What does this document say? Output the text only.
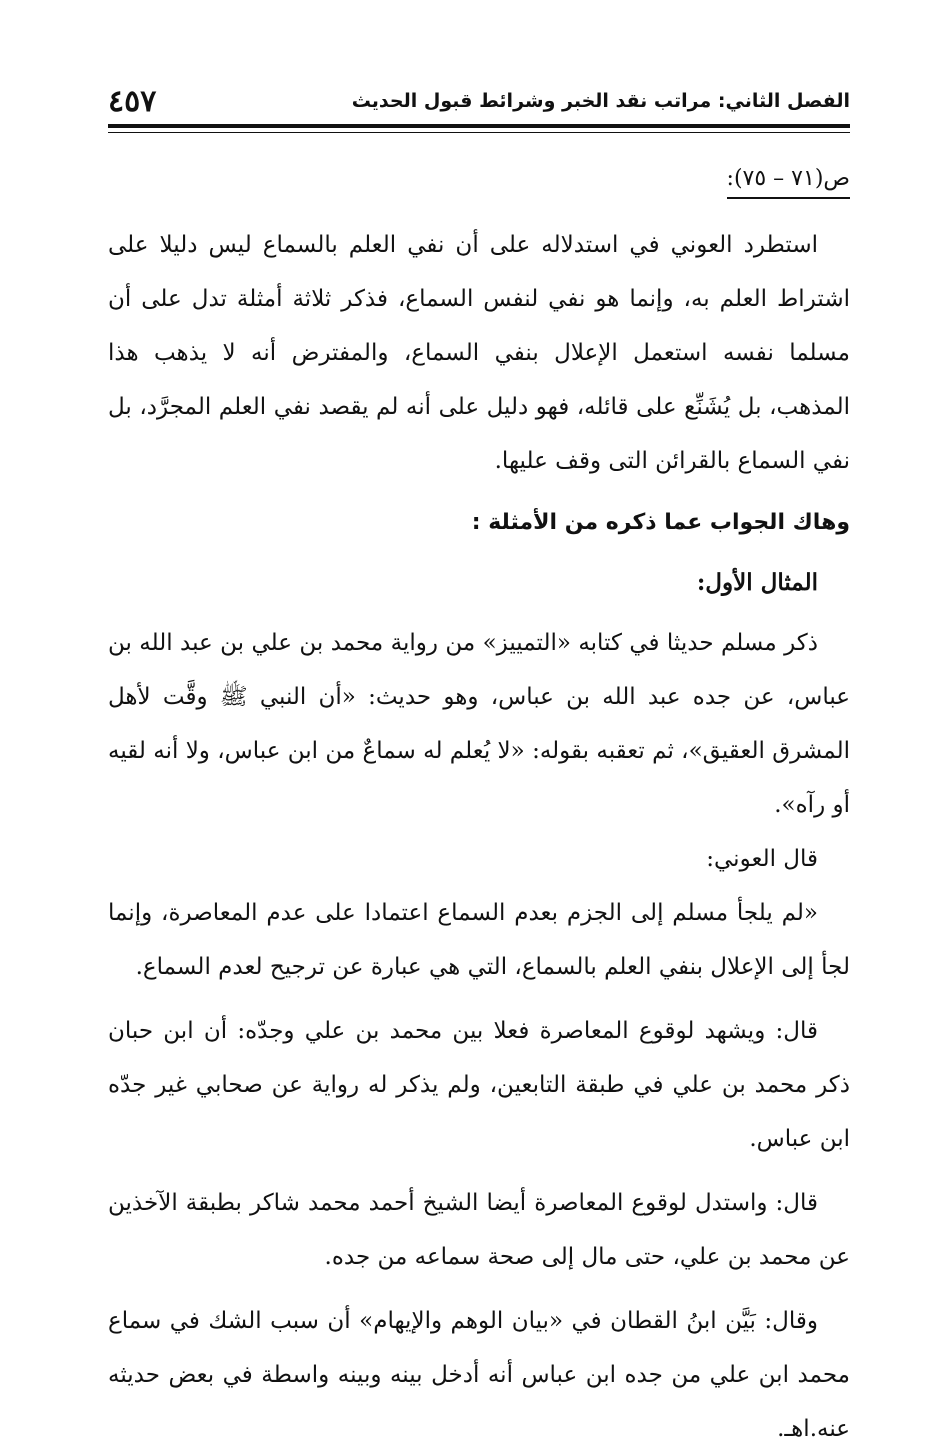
الفصل الثاني: مراتب نقد الخبر وشرائط قبول الحديث
٤٥٧
ص(٧١ – ٧٥):

استطرد العوني في استدلاله على أن نفي العلم بالسماع ليس دليلا على اشتراط العلم به، وإنما هو نفي لنفس السماع، فذكر ثلاثة أمثلة تدل على أن مسلما نفسه استعمل الإعلال بنفي السماع، والمفترض أنه لا يذهب هذا المذهب، بل يُشَنِّع على قائله، فهو دليل على أنه لم يقصد نفي العلم المجرَّد، بل نفي السماع بالقرائن التى وقف عليها.

وهاك الجواب عما ذكره من الأمثلة :

المثال الأول:

ذكر مسلم حديثا في كتابه «التمييز» من رواية محمد بن علي بن عبد الله بن عباس، عن جده عبد الله بن عباس، وهو حديث: «أن النبي ﷺ وقَّت لأهل المشرق العقيق»، ثم تعقبه بقوله: «لا يُعلم له سماعٌ من ابن عباس، ولا أنه لقيه أو رآه».

قال العوني:

«لم يلجأ مسلم إلى الجزم بعدم السماع اعتمادا على عدم المعاصرة، وإنما لجأ إلى الإعلال بنفي العلم بالسماع، التي هي عبارة عن ترجيح لعدم السماع.

قال: ويشهد لوقوع المعاصرة فعلا بين محمد بن علي وجدّه: أن ابن حبان ذكر محمد بن علي في طبقة التابعين، ولم يذكر له رواية عن صحابي غير جدّه ابن عباس.

قال: واستدل لوقوع المعاصرة أيضا الشيخ أحمد محمد شاكر بطبقة الآخذين عن محمد بن علي، حتى مال إلى صحة سماعه من جده.

وقال: بَيَّن ابنُ القطان في «بيان الوهم والإيهام» أن سبب الشك في سماع محمد ابن علي من جده ابن عباس أنه أدخل بينه وبينه واسطة في بعض حديثه عنه.اهـ.
